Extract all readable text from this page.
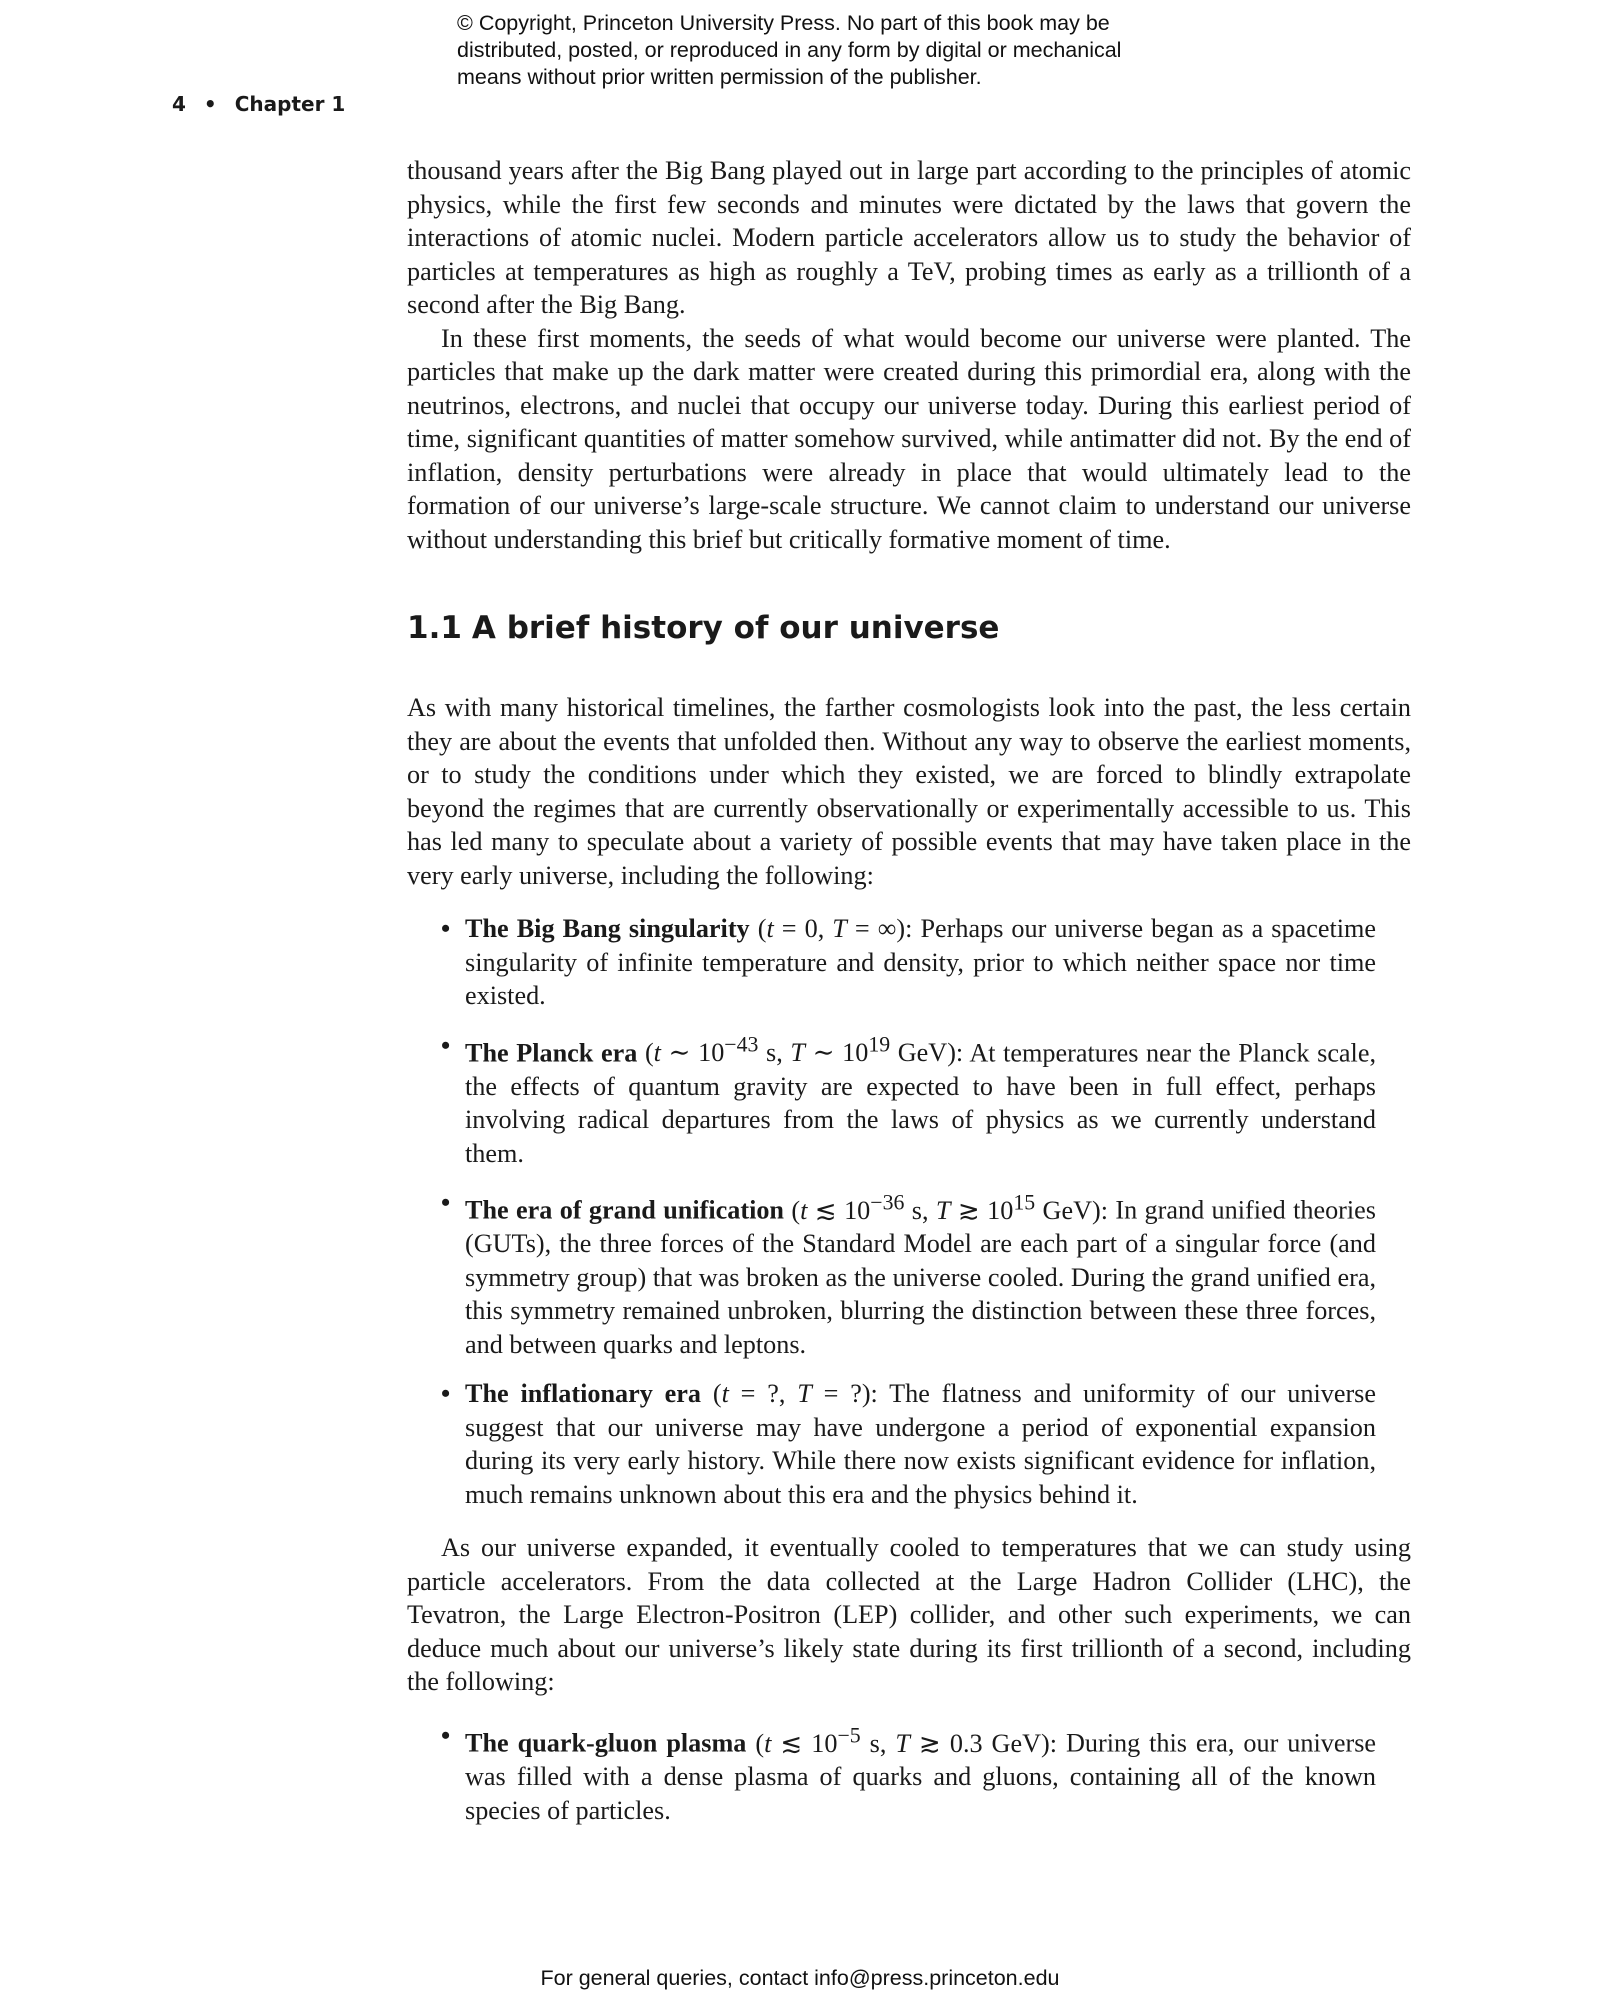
© Copyright, Princeton University Press. No part of this book may be
distributed, posted, or reproduced in any form by digital or mechanical
means without prior written permission of the publisher.
4 • Chapter 1

thousand years after the Big Bang played out in large part according to the principles of atomic physics, while the first few seconds and minutes were dictated by the laws that govern the interactions of atomic nuclei. Modern particle accelerators allow us to study the behavior of particles at temperatures as high as roughly a TeV, probing times as early as a trillionth of a second after the Big Bang.

In these first moments, the seeds of what would become our universe were planted. The particles that make up the dark matter were created during this primordial era, along with the neutrinos, electrons, and nuclei that occupy our universe today. During this earliest period of time, significant quantities of matter somehow survived, while antimatter did not. By the end of inflation, density perturbations were already in place that would ultimately lead to the formation of our universe’s large-scale structure. We cannot claim to understand our universe without understanding this brief but critically formative moment of time.

1.1 A brief history of our universe

As with many historical timelines, the farther cosmologists look into the past, the less certain they are about the events that unfolded then. Without any way to observe the earliest moments, or to study the conditions under which they existed, we are forced to blindly extrapolate beyond the regimes that are currently observationally or experimentally accessible to us. This has led many to speculate about a variety of possible events that may have taken place in the very early universe, including the following:

• The Big Bang singularity (t = 0, T = ∞): Perhaps our universe began as a spacetime singularity of infinite temperature and density, prior to which neither space nor time existed.
• The Planck era (t ∼ $10^{-43}$ s, T ∼ $10^{19}$ GeV): At temperatures near the Planck scale, the effects of quantum gravity are expected to have been in full effect, perhaps involving radical departures from the laws of physics as we currently understand them.
• The era of grand unification (t ≲ $10^{-36}$ s, T ≳ $10^{15}$ GeV): In grand unified theories (GUTs), the three forces of the Standard Model are each part of a singular force (and symmetry group) that was broken as the universe cooled. During the grand unified era, this symmetry remained unbroken, blurring the distinction between these three forces, and between quarks and leptons.
• The inflationary era (t = ?, T = ?): The flatness and uniformity of our universe suggest that our universe may have undergone a period of exponential expansion during its very early history. While there now exists significant evidence for inflation, much remains unknown about this era and the physics behind it.

As our universe expanded, it eventually cooled to temperatures that we can study using particle accelerators. From the data collected at the Large Hadron Collider (LHC), the Tevatron, the Large Electron-Positron (LEP) collider, and other such experiments, we can deduce much about our universe’s likely state during its first trillionth of a second, including the following:

• The quark-gluon plasma (t ≲ $10^{-5}$ s, T ≳ 0.3 GeV): During this era, our universe was filled with a dense plasma of quarks and gluons, containing all of the known species of particles.
For general queries, contact info@press.princeton.edu
